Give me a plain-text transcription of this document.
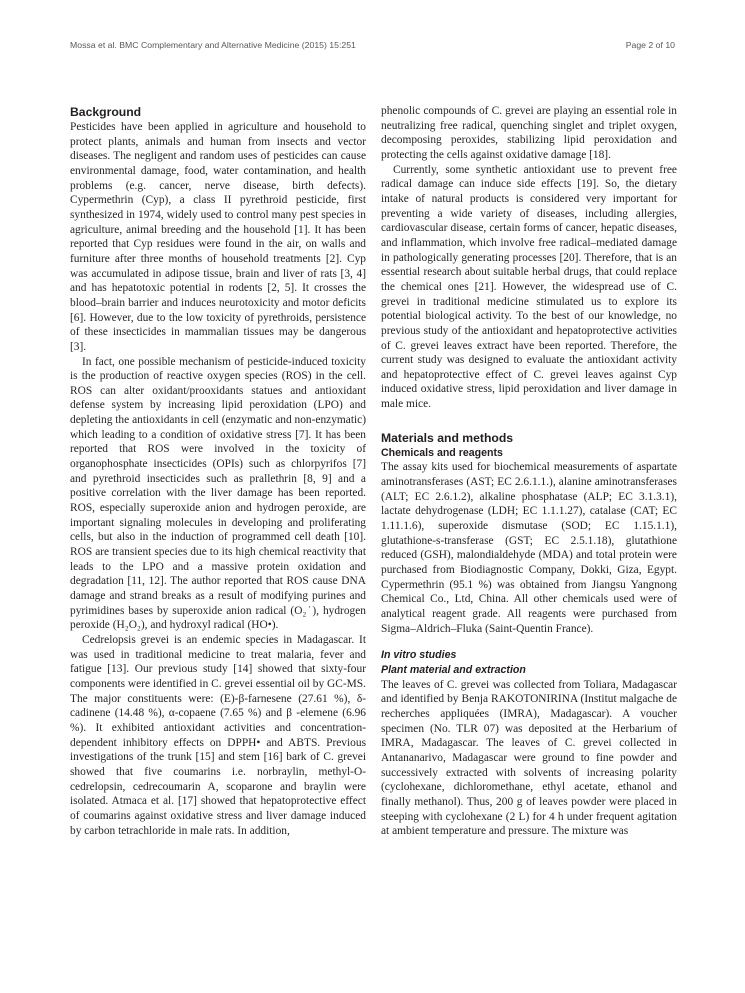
Mossa et al. BMC Complementary and Alternative Medicine (2015) 15:251	Page 2 of 10
Background

Pesticides have been applied in agriculture and household to protect plants, animals and human from insects and vector diseases. The negligent and random uses of pesticides can cause environmental damage, food, water contamination, and health problems (e.g. cancer, nerve disease, birth defects). Cypermethrin (Cyp), a class II pyrethroid pesticide, first synthesized in 1974, widely used to control many pest species in agriculture, animal breeding and the household [1]. It has been reported that Cyp residues were found in the air, on walls and furniture after three months of household treatments [2]. Cyp was accumulated in adipose tissue, brain and liver of rats [3, 4] and has hepatotoxic potential in rodents [2, 5]. It crosses the blood–brain barrier and induces neurotoxicity and motor deficits [6]. However, due to the low toxicity of pyrethroids, persistence of these insecticides in mammalian tissues may be dangerous [3].

In fact, one possible mechanism of pesticide-induced toxicity is the production of reactive oxygen species (ROS) in the cell. ROS can alter oxidant/prooxidants statues and antioxidant defense system by increasing lipid peroxidation (LPO) and depleting the antioxidants in cell (enzymatic and non-enzymatic) which leading to a condition of oxidative stress [7]. It has been reported that ROS were involved in the toxicity of organophosphate insecticides (OPIs) such as chlorpyrifos [7] and pyrethroid insecticides such as prallethrin [8, 9] and a positive correlation with the liver damage has been reported. ROS, especially superoxide anion and hydrogen peroxide, are important signaling molecules in developing and proliferating cells, but also in the induction of programmed cell death [10]. ROS are transient species due to its high chemical reactivity that leads to the LPO and a massive protein oxidation and degradation [11, 12]. The author reported that ROS cause DNA damage and strand breaks as a result of modifying purines and pyrimidines bases by superoxide anion radical (O₂˙), hydrogen peroxide (H₂O₂), and hydroxyl radical (HO•).

Cedrelopsis grevei is an endemic species in Madagascar. It was used in traditional medicine to treat malaria, fever and fatigue [13]. Our previous study [14] showed that sixty-four components were identified in C. grevei essential oil by GC-MS. The major constituents were: (E)-β-farnesene (27.61 %), δ-cadinene (14.48 %), α-copaene (7.65 %) and β -elemene (6.96 %). It exhibited antioxidant activities and concentration-dependent inhibitory effects on DPPH• and ABTS. Previous investigations of the trunk [15] and stem [16] bark of C. grevei showed that five coumarins i.e. norbraylin, methyl-O-cedrelopsin, cedrecoumarin A, scoparone and braylin were isolated. Atmaca et al. [17] showed that hepatoprotective effect of coumarins against oxidative stress and liver damage induced by carbon tetrachloride in male rats. In addition,

phenolic compounds of C. grevei are playing an essential role in neutralizing free radical, quenching singlet and triplet oxygen, decomposing peroxides, stabilizing lipid peroxidation and protecting the cells against oxidative damage [18].

Currently, some synthetic antioxidant use to prevent free radical damage can induce side effects [19]. So, the dietary intake of natural products is considered very important for preventing a wide variety of diseases, including allergies, cardiovascular disease, certain forms of cancer, hepatic diseases, and inflammation, which involve free radical–mediated damage in pathologically generating processes [20]. Therefore, that is an essential research about suitable herbal drugs, that could replace the chemical ones [21]. However, the widespread use of C. grevei in traditional medicine stimulated us to explore its potential biological activity. To the best of our knowledge, no previous study of the antioxidant and hepatoprotective activities of C. grevei leaves extract have been reported. Therefore, the current study was designed to evaluate the antioxidant activity and hepatoprotective effect of C. grevei leaves against Cyp induced oxidative stress, lipid peroxidation and liver damage in male mice.

Materials and methods
Chemicals and reagents

The assay kits used for biochemical measurements of aspartate aminotransferases (AST; EC 2.6.1.1.), alanine aminotransferases (ALT; EC 2.6.1.2), alkaline phosphatase (ALP; EC 3.1.3.1), lactate dehydrogenase (LDH; EC 1.1.1.27), catalase (CAT; EC 1.11.1.6), superoxide dismutase (SOD; EC 1.15.1.1), glutathione-s-transferase (GST; EC 2.5.1.18), glutathione reduced (GSH), malondialdehyde (MDA) and total protein were purchased from Biodiagnostic Company, Dokki, Giza, Egypt. Cypermethrin (95.1 %) was obtained from Jiangsu Yangnong Chemical Co., Ltd, China. All other chemicals used were of analytical reagent grade. All reagents were purchased from Sigma–Aldrich–Fluka (Saint-Quentin France).

In vitro studies
Plant material and extraction

The leaves of C. grevei was collected from Toliara, Madagascar and identified by Benja RAKOTONIRINA (Institut malgache de recherches appliquées (IMRA), Madagascar). A voucher specimen (No. TLR 07) was deposited at the Herbarium of IMRA, Madagascar. The leaves of C. grevei collected in Antananarivo, Madagascar were ground to fine powder and successively extracted with solvents of increasing polarity (cyclohexane, dichloromethane, ethyl acetate, ethanol and finally methanol). Thus, 200 g of leaves powder were placed in steeping with cyclohexane (2 L) for 4 h under frequent agitation at ambient temperature and pressure. The mixture was
